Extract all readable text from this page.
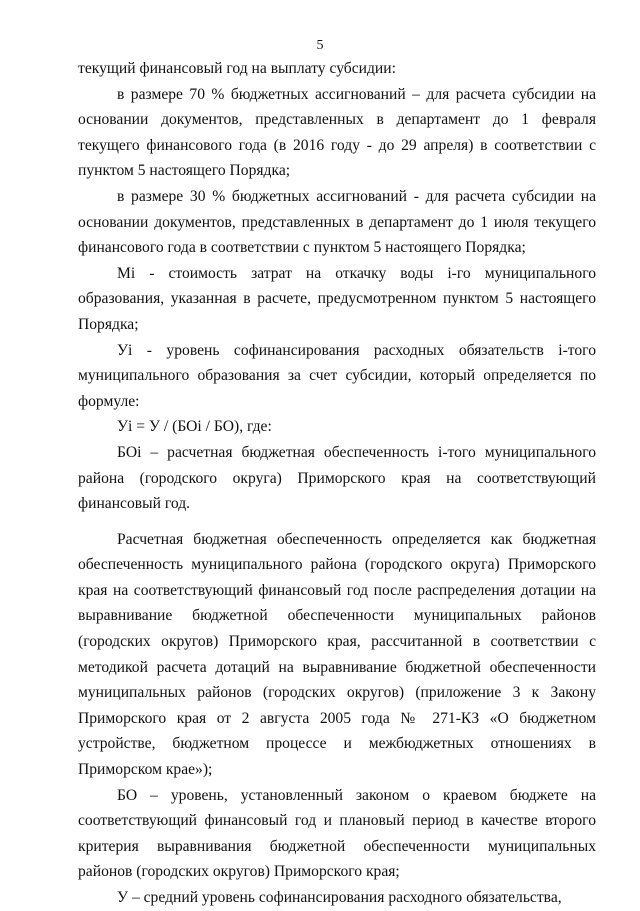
5

текущий финансовый год на выплату субсидии:

в размере 70 % бюджетных ассигнований – для расчета субсидии на основании документов, представленных в департамент до 1 февраля текущего финансового года (в 2016 году - до 29 апреля) в соответствии с пунктом 5 настоящего Порядка;

в размере 30 % бюджетных ассигнований - для расчета субсидии на основании документов, представленных в департамент до 1 июля текущего финансового года в соответствии с пунктом 5 настоящего Порядка;

Mi - стоимость затрат на откачку воды i-го муниципального образования, указанная в расчете, предусмотренном пунктом 5 настоящего Порядка;

Уi - уровень софинансирования расходных обязательств i-того муниципального образования за счет субсидии, который определяется по формуле:

Уi = У / (БОi / БО), где:

БОi – расчетная бюджетная обеспеченность i-того муниципального района (городского округа) Приморского края на соответствующий финансовый год.

Расчетная бюджетная обеспеченность определяется как бюджетная обеспеченность муниципального района (городского округа) Приморского края на соответствующий финансовый год после распределения дотации на выравнивание бюджетной обеспеченности муниципальных районов (городских округов) Приморского края, рассчитанной в соответствии с методикой расчета дотаций на выравнивание бюджетной обеспеченности муниципальных районов (городских округов) (приложение 3 к Закону Приморского края от 2 августа 2005 года № 271-КЗ «О бюджетном устройстве, бюджетном процессе и межбюджетных отношениях в Приморском крае»);

БО – уровень, установленный законом о краевом бюджете на соответствующий финансовый год и плановый период в качестве второго критерия выравнивания бюджетной обеспеченности муниципальных районов (городских округов) Приморского края;

У – средний уровень софинансирования расходного обязательства,
